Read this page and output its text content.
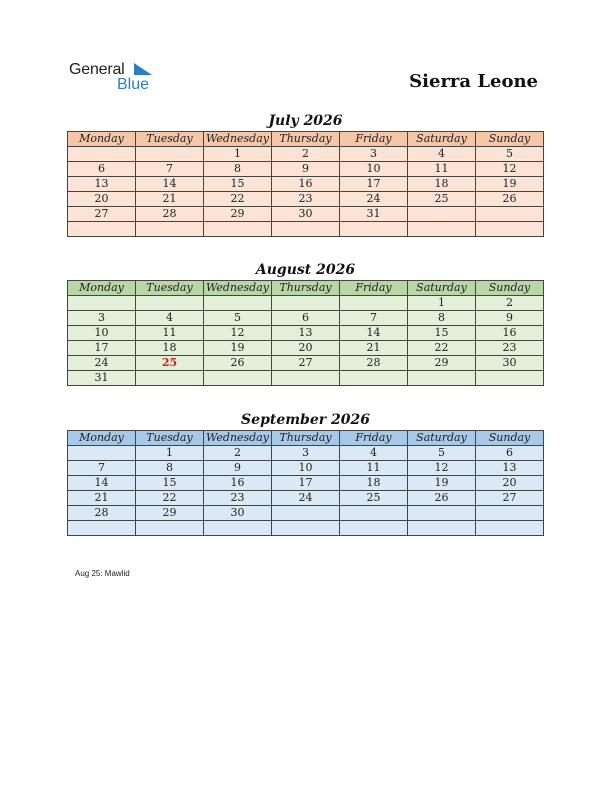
General
Blue	Sierra Leone
July 2026
Monday	Tuesday	Wednesday	Thursday	Friday	Saturday	Sunday
		1	2	3	4	5
6	7	8	9	10	11	12
13	14	15	16	17	18	19
20	21	22	23	24	25	26
27	28	29	30	31		

August 2026
Monday	Tuesday	Wednesday	Thursday	Friday	Saturday	Sunday
					1	2
3	4	5	6	7	8	9
10	11	12	13	14	15	16
17	18	19	20	21	22	23
24	25	26	27	28	29	30
31						
September 2026
Monday	Tuesday	Wednesday	Thursday	Friday	Saturday	Sunday
	1	2	3	4	5	6
7	8	9	10	11	12	13
14	15	16	17	18	19	20
21	22	23	24	25	26	27
28	29	30				

Aug 25: Mawlid
